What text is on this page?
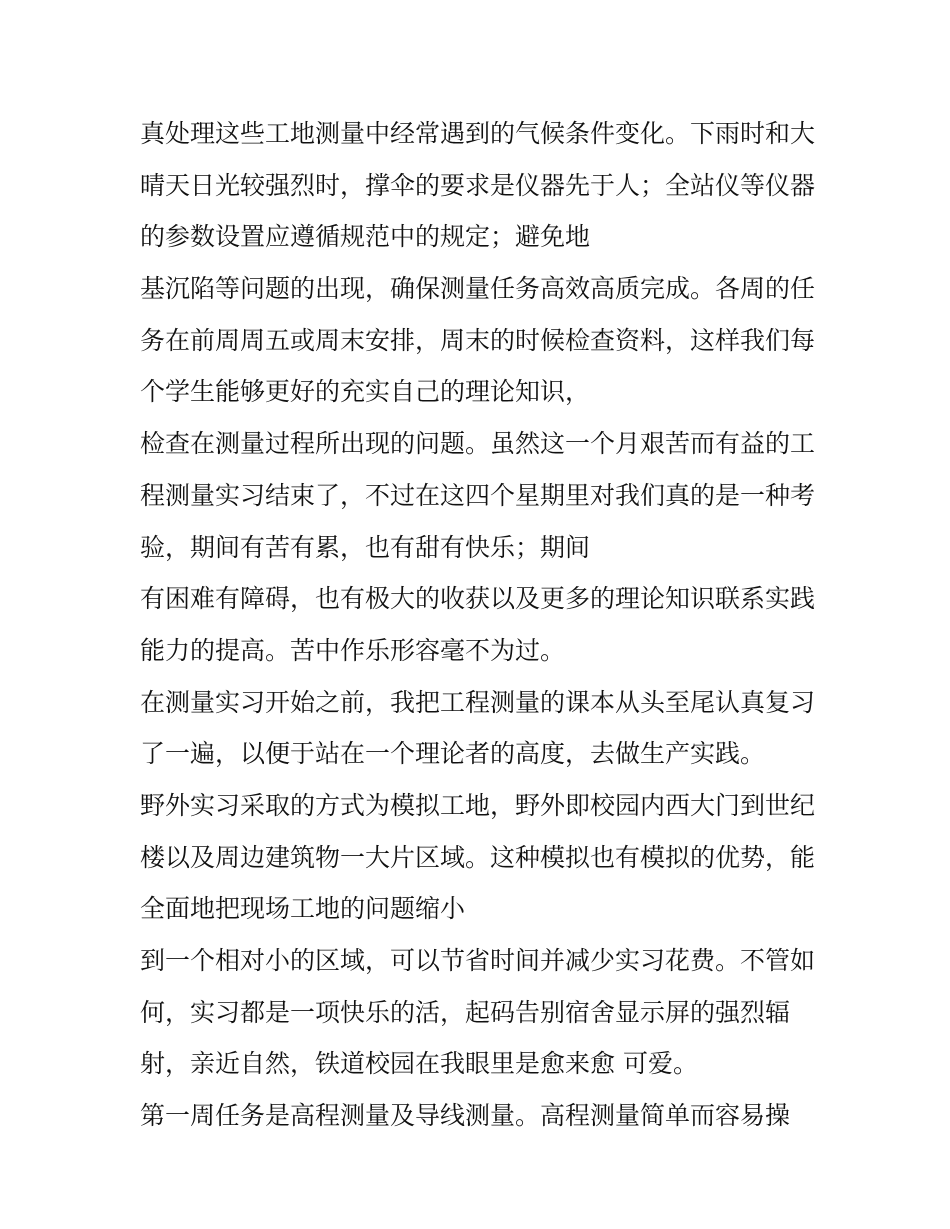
真处理这些工地测量中经常遇到的气候条件变化。下雨时和大
晴天日光较强烈时，撑伞的要求是仪器先于人；全站仪等仪器
的参数设置应遵循规范中的规定；避免地
基沉陷等问题的出现，确保测量任务高效高质完成。各周的任
务在前周周五或周末安排，周末的时候检查资料，这样我们每
个学生能够更好的充实自己的理论知识，
检查在测量过程所出现的问题。虽然这一个月艰苦而有益的工
程测量实习结束了，不过在这四个星期里对我们真的是一种考
验，期间有苦有累，也有甜有快乐；期间
有困难有障碍，也有极大的收获以及更多的理论知识联系实践
能力的提高。苦中作乐形容毫不为过。
在测量实习开始之前，我把工程测量的课本从头至尾认真复习
了一遍，以便于站在一个理论者的高度，去做生产实践。
野外实习采取的方式为模拟工地，野外即校园内西大门到世纪
楼以及周边建筑物一大片区域。这种模拟也有模拟的优势，能
全面地把现场工地的问题缩小
到一个相对小的区域，可以节省时间并减少实习花费。不管如
何，实习都是一项快乐的活，起码告别宿舍显示屏的强烈辐
射，亲近自然，铁道校园在我眼里是愈来愈 可爱。
第一周任务是高程测量及导线测量。高程测量简单而容易操
